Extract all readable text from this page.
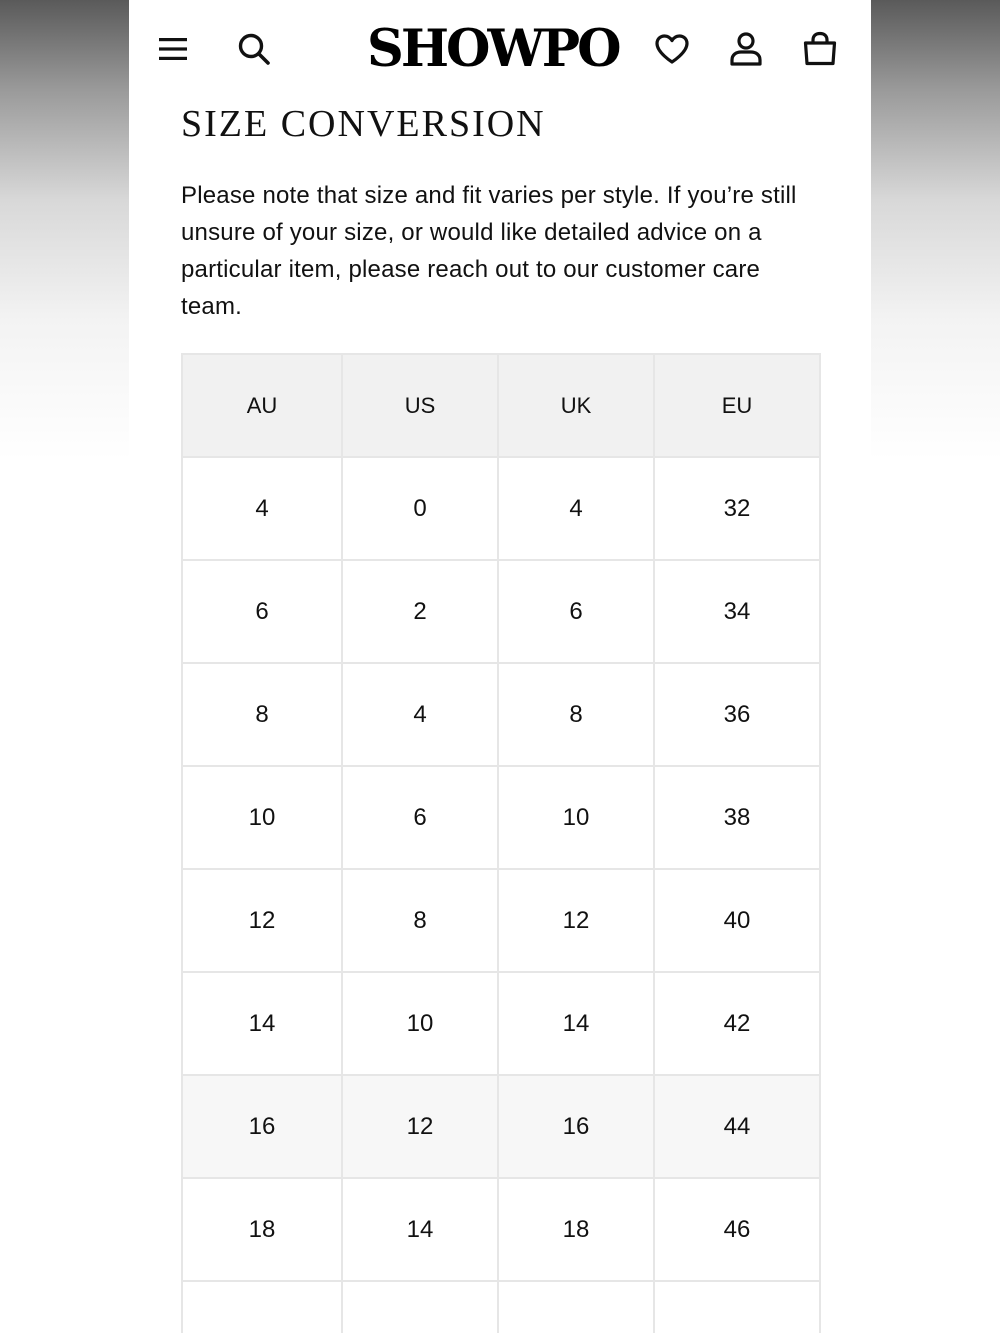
SHOWPO
SIZE CONVERSION
Please note that size and fit varies per style. If you’re still unsure of your size, or would like detailed advice on a particular item, please reach out to our customer care team.
AU	US	UK	EU
4	0	4	32
6	2	6	34
8	4	8	36
10	6	10	38
12	8	12	40
14	10	14	42
16	12	16	44
18	14	18	46
